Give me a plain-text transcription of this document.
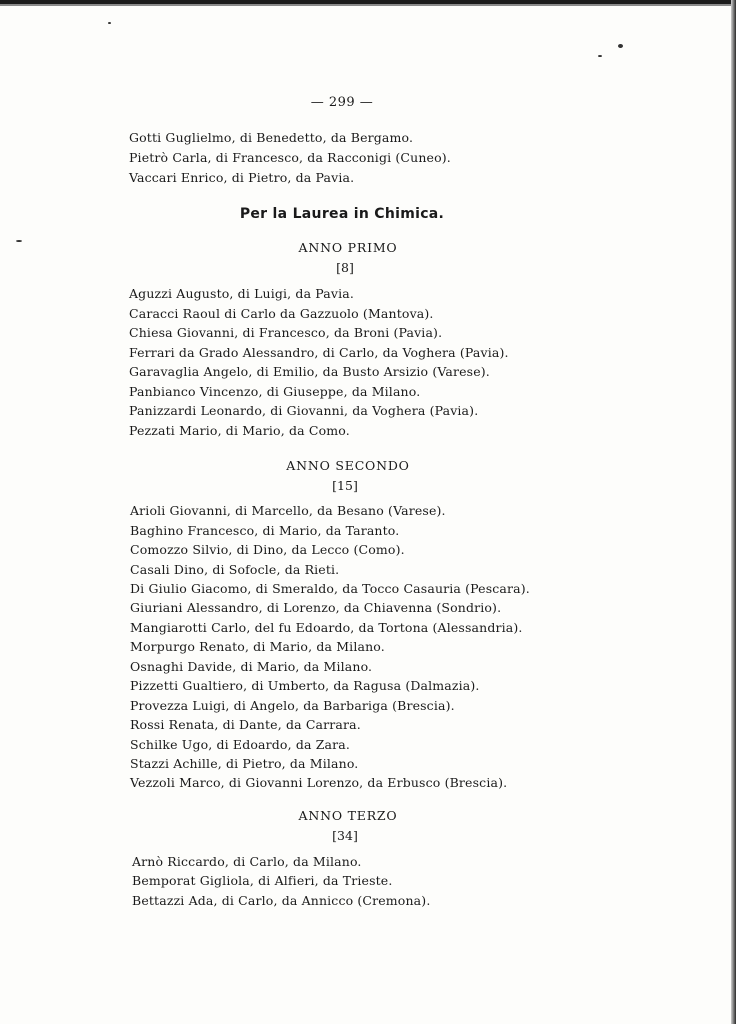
— 299 —
Gotti Guglielmo, di Benedetto, da Bergamo.
Pietrò Carla, di Francesco, da Racconigi (Cuneo).
Vaccari Enrico, di Pietro, da Pavia.
Per la Laurea in Chimica.
ANNO PRIMO
[8]
Aguzzi Augusto, di Luigi, da Pavia.
Caracci Raoul di Carlo da Gazzuolo (Mantova).
Chiesa Giovanni, di Francesco, da Broni (Pavia).
Ferrari da Grado Alessandro, di Carlo, da Voghera (Pavia).
Garavaglia Angelo, di Emilio, da Busto Arsizio (Varese).
Panbianco Vincenzo, di Giuseppe, da Milano.
Panizzardi Leonardo, di Giovanni, da Voghera (Pavia).
Pezzati Mario, di Mario, da Como.
ANNO SECONDO
[15]
Arioli Giovanni, di Marcello, da Besano (Varese).
Baghino Francesco, di Mario, da Taranto.
Comozzo Silvio, di Dino, da Lecco (Como).
Casali Dino, di Sofocle, da Rieti.
Di Giulio Giacomo, di Smeraldo, da Tocco Casauria (Pescara).
Giuriani Alessandro, di Lorenzo, da Chiavenna (Sondrio).
Mangiarotti Carlo, del fu Edoardo, da Tortona (Alessandria).
Morpurgo Renato, di Mario, da Milano.
Osnaghi Davide, di Mario, da Milano.
Pizzetti Gualtiero, di Umberto, da Ragusa (Dalmazia).
Provezza Luigi, di Angelo, da Barbariga (Brescia).
Rossi Renata, di Dante, da Carrara.
Schilke Ugo, di Edoardo, da Zara.
Stazzi Achille, di Pietro, da Milano.
Vezzoli Marco, di Giovanni Lorenzo, da Erbusco (Brescia).
ANNO TERZO
[34]
Arnò Riccardo, di Carlo, da Milano.
Bemporat Gigliola, di Alfieri, da Trieste.
Bettazzi Ada, di Carlo, da Annicco (Cremona).
